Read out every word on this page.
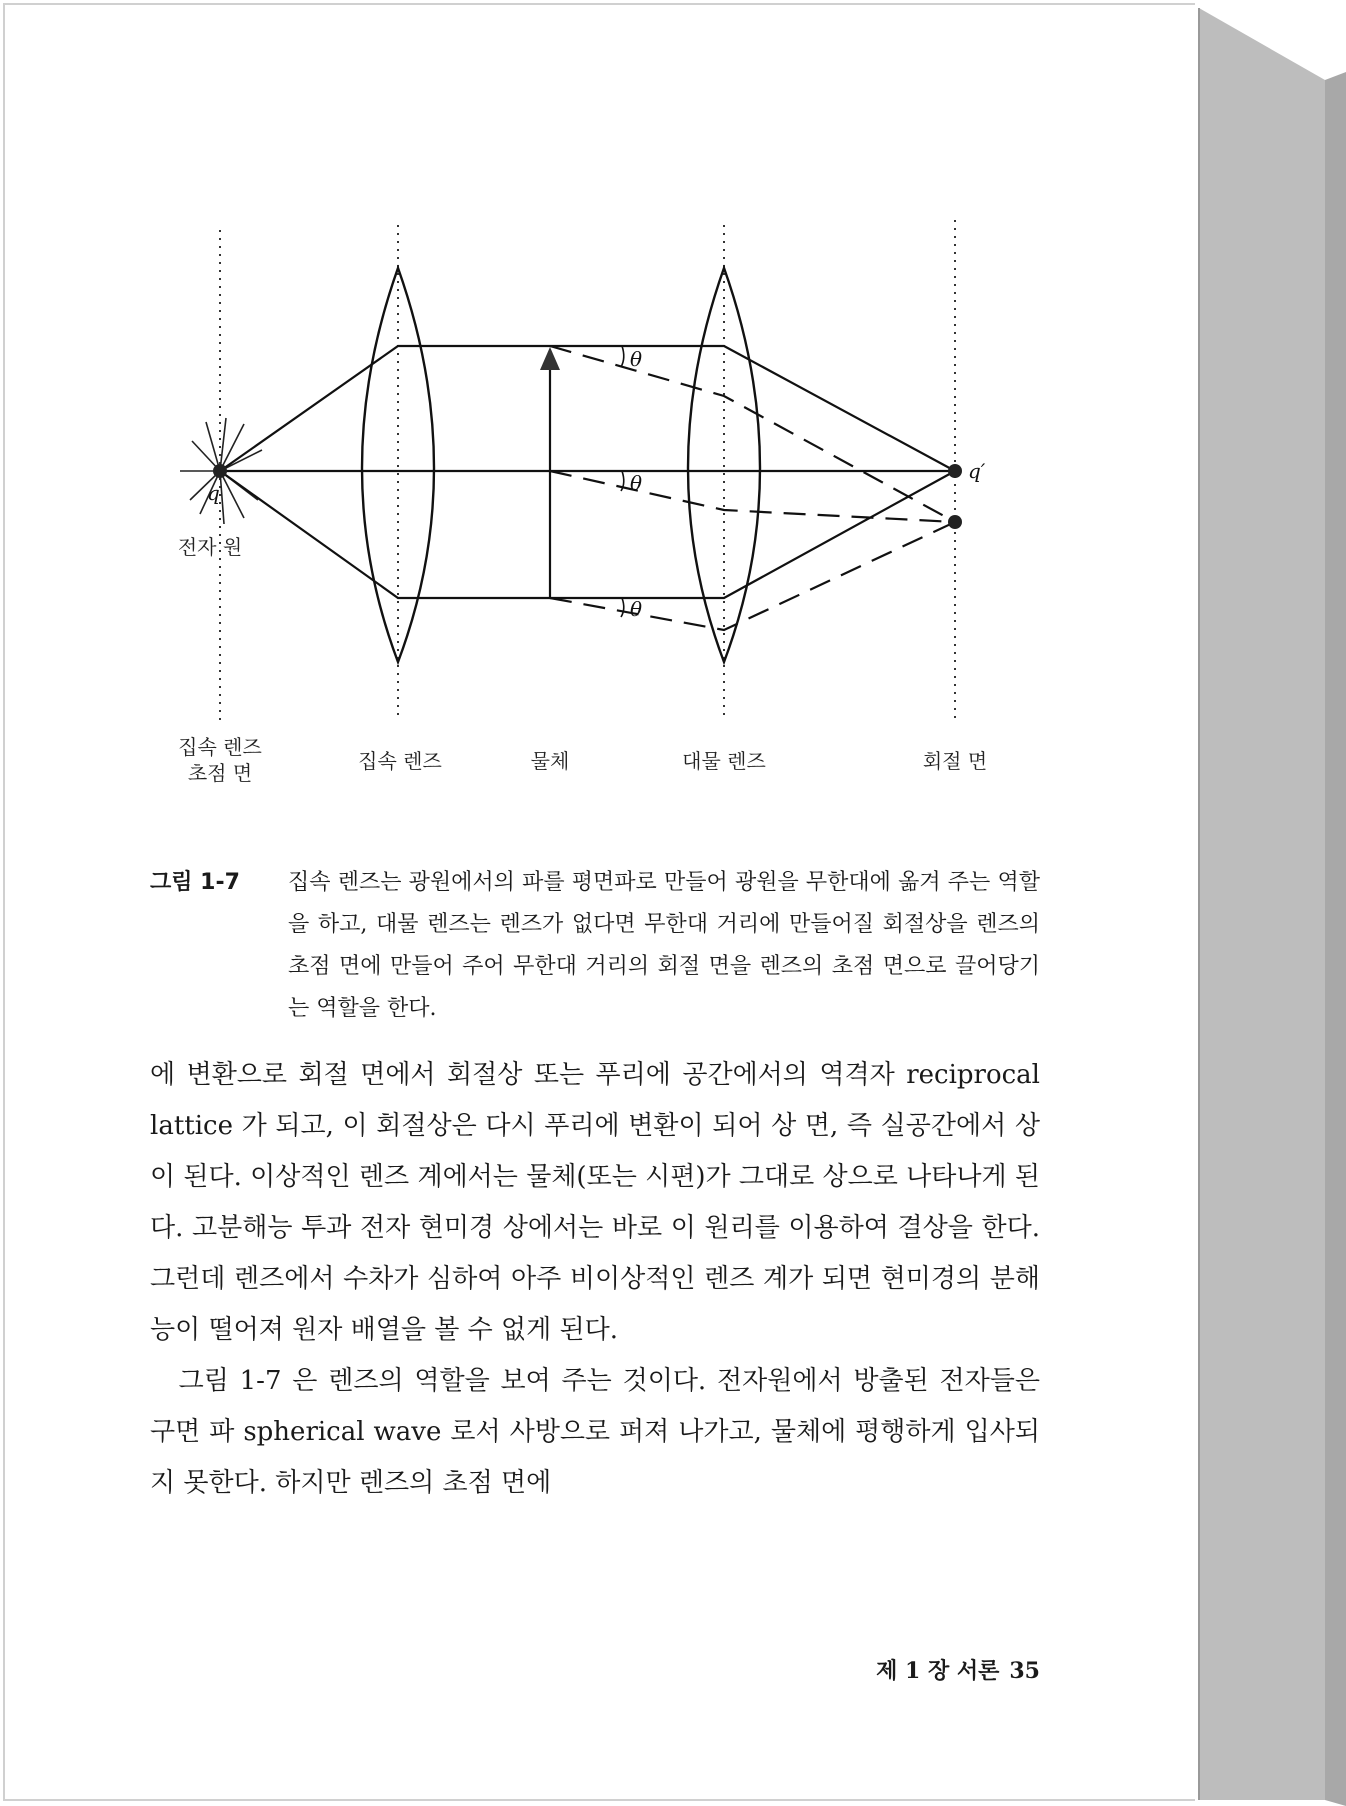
θ
θ
θ
q
q′
전자 원
집속 렌즈
초점 면	집속 렌즈	물체	대물 렌즈	회절 면
그림 1-7 집속 렌즈는 광원에서의 파를 평면파로 만들어 광원을 무한대에 옮겨 주는 역할을 하고, 대물 렌즈는 렌즈가 없다면 무한대 거리에 만들어질 회절상을 렌즈의 초점 면에 만들어 주어 무한대 거리의 회절 면을 렌즈의 초점 면으로 끌어당기는 역할을 한다.

에 변환으로 회절 면에서 회절상 또는 푸리에 공간에서의 역격자 reciprocal lattice 가 되고, 이 회절상은 다시 푸리에 변환이 되어 상 면, 즉 실공간에서 상이 된다. 이상적인 렌즈 계에서는 물체(또는 시편)가 그대로 상으로 나타나게 된다. 고분해능 투과 전자 현미경 상에서는 바로 이 원리를 이용하여 결상을 한다. 그런데 렌즈에서 수차가 심하여 아주 비이상적인 렌즈 계가 되면 현미경의 분해능이 떨어져 원자 배열을 볼 수 없게 된다.

그림 1-7 은 렌즈의 역할을 보여 주는 것이다. 전자원에서 방출된 전자들은 구면 파 spherical wave 로서 사방으로 퍼져 나가고, 물체에 평행하게 입사되지 못한다. 하지만 렌즈의 초점 면에

제 1 장 서론 35
